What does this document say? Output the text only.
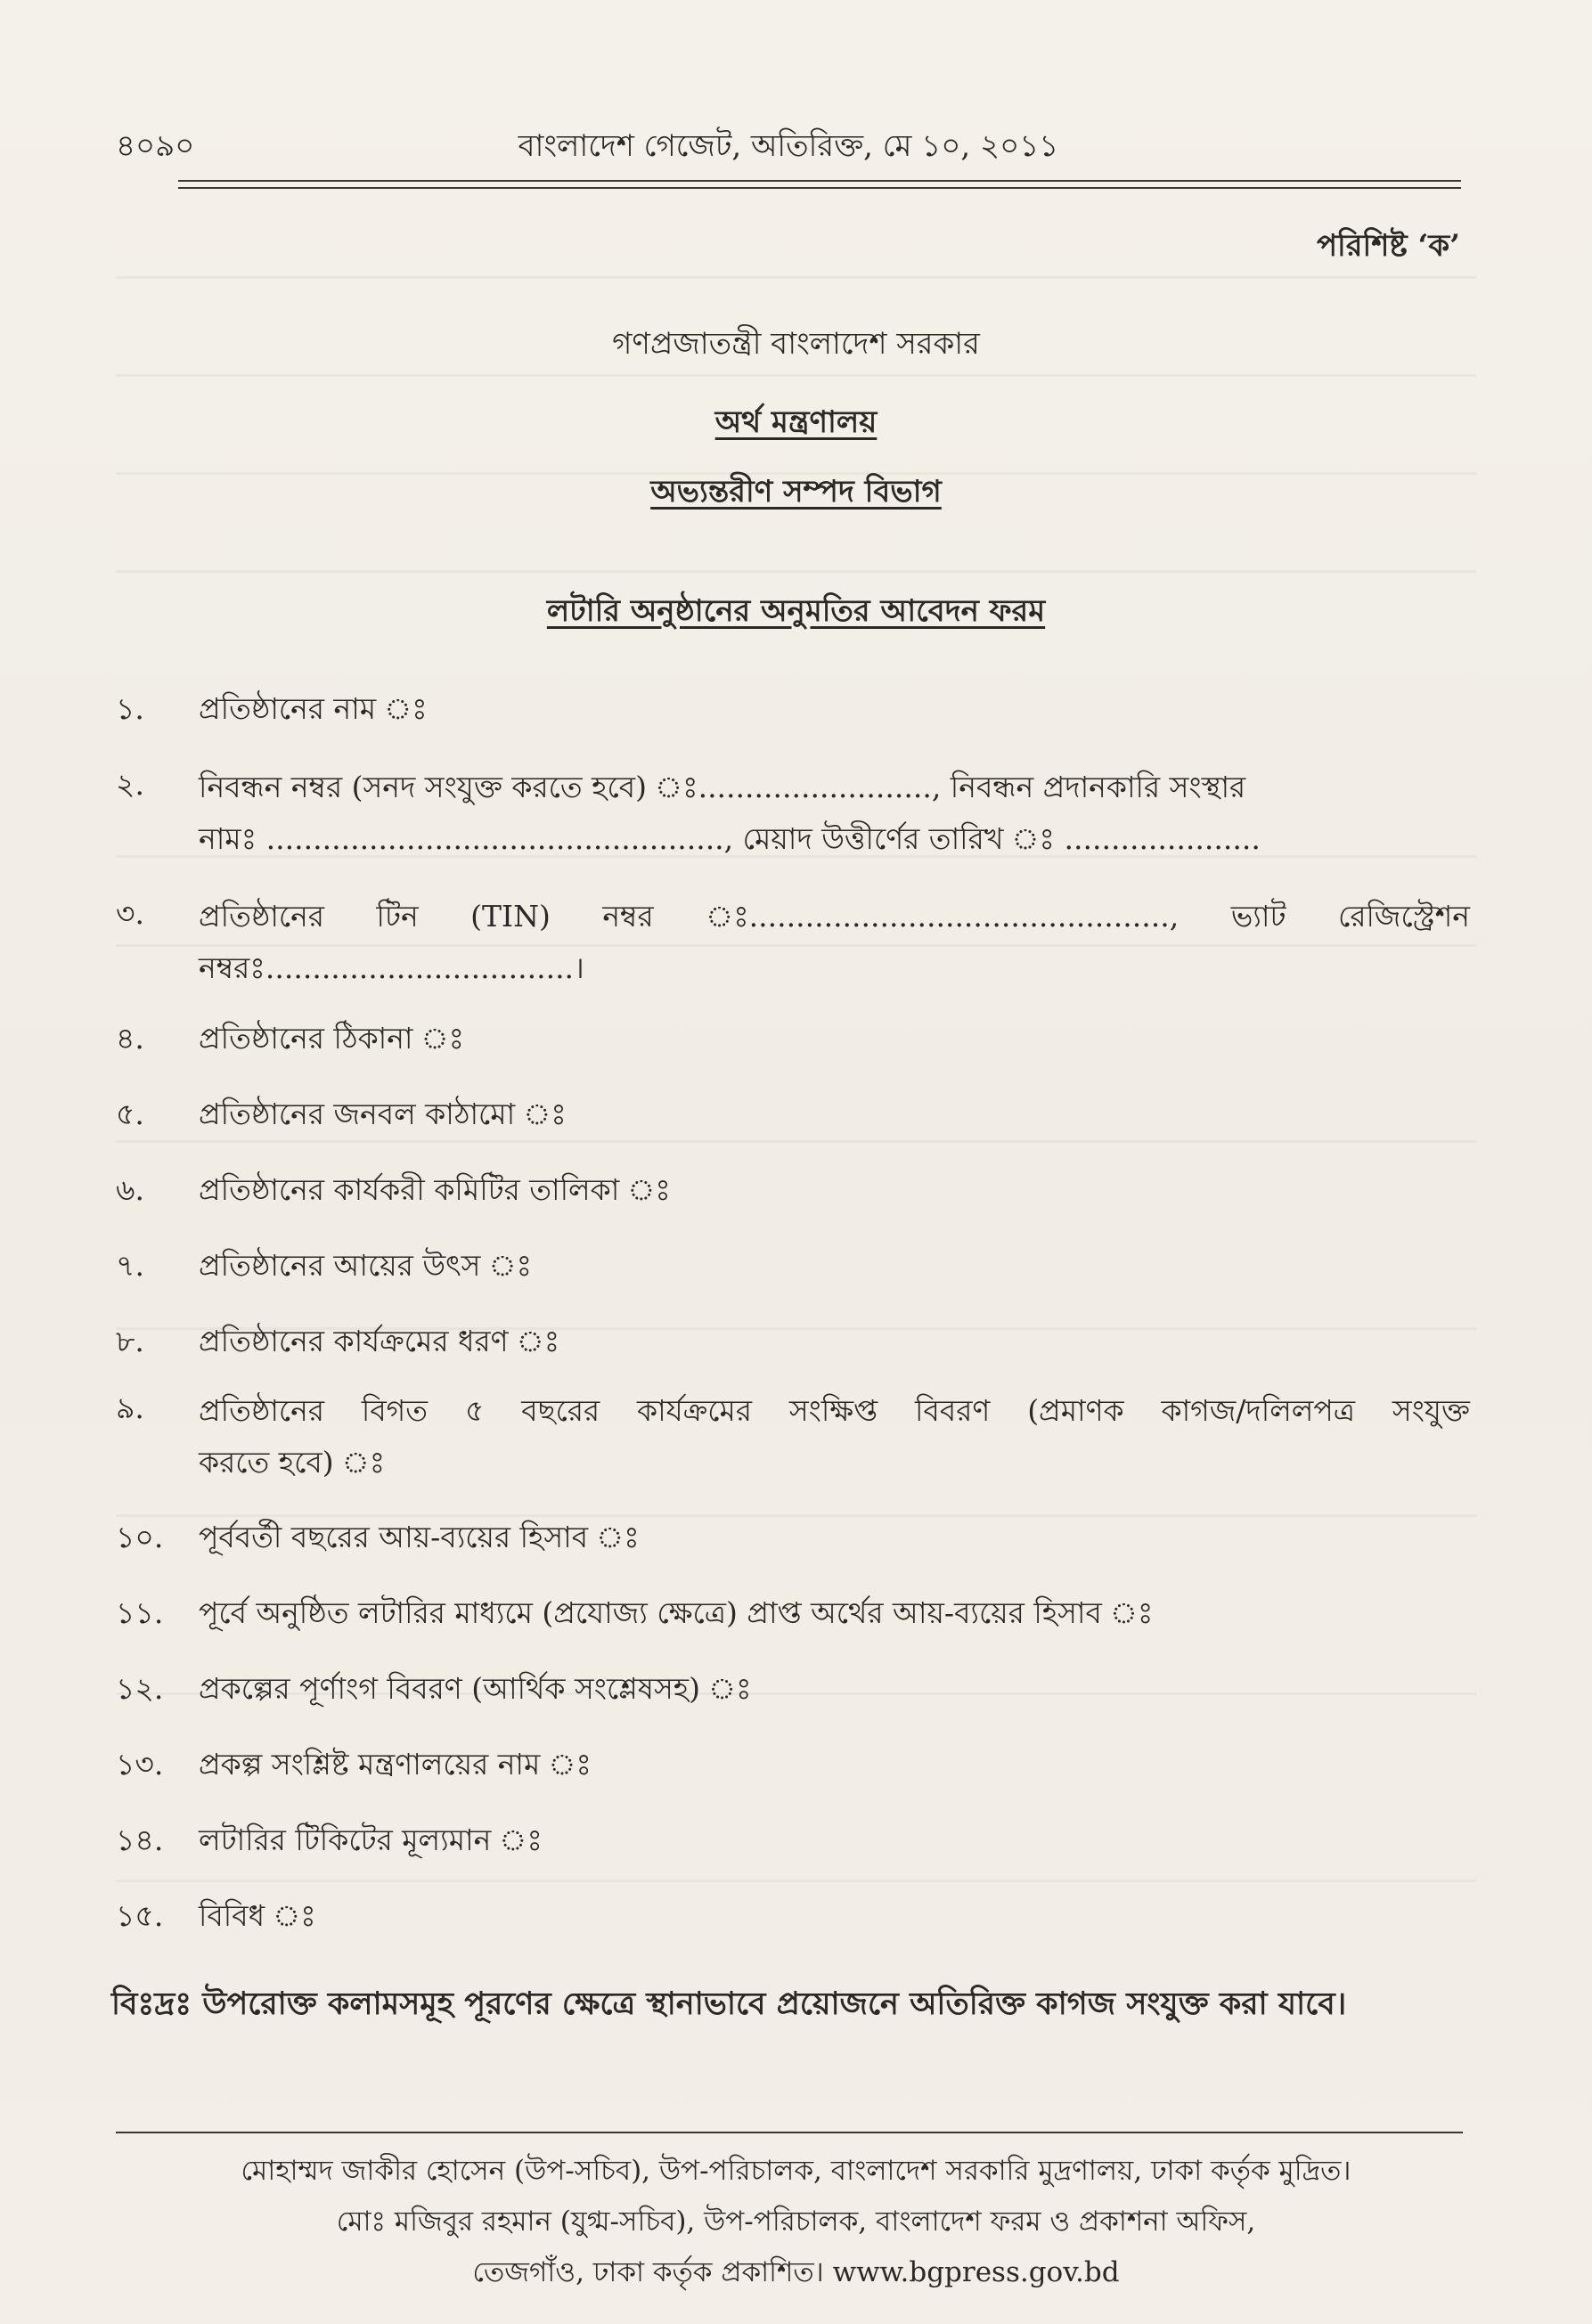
৪০৯০	বাংলাদেশ গেজেট, অতিরিক্ত, মে ১০, ২০১১
পরিশিষ্ট ‘ক’
গণপ্রজাতন্ত্রী বাংলাদেশ সরকার
অর্থ মন্ত্রণালয়
অভ্যন্তরীণ সম্পদ বিভাগ
লটারি অনুষ্ঠানের অনুমতির আবেদন ফরম
১. প্রতিষ্ঠানের নাম ঃ
২. নিবন্ধন নম্বর (সনদ সংযুক্ত করতে হবে) ঃ........................., নিবন্ধন প্রদানকারি সংস্থার
নামঃ ................................................., মেয়াদ উত্তীর্ণের তারিখ ঃ .....................
৩. প্রতিষ্ঠানের টিন (TIN) নম্বর ঃ............................................., ভ্যাট রেজিস্ট্রেশন
নম্বরঃ.................................।
৪. প্রতিষ্ঠানের ঠিকানা ঃ
৫. প্রতিষ্ঠানের জনবল কাঠামো ঃ
৬. প্রতিষ্ঠানের কার্যকরী কমিটির তালিকা ঃ
৭. প্রতিষ্ঠানের আয়ের উৎস ঃ
৮. প্রতিষ্ঠানের কার্যক্রমের ধরণ ঃ
৯. প্রতিষ্ঠানের বিগত ৫ বছরের কার্যক্রমের সংক্ষিপ্ত বিবরণ (প্রমাণক কাগজ/দলিলপত্র সংযুক্ত
করতে হবে) ঃ
১০. পূর্ববর্তী বছরের আয়-ব্যয়ের হিসাব ঃ
১১. পূর্বে অনুষ্ঠিত লটারির মাধ্যমে (প্রযোজ্য ক্ষেত্রে) প্রাপ্ত অর্থের আয়-ব্যয়ের হিসাব ঃ
১২. প্রকল্পের পূর্ণাংগ বিবরণ (আর্থিক সংশ্লেষসহ) ঃ
১৩. প্রকল্প সংশ্লিষ্ট মন্ত্রণালয়ের নাম ঃ
১৪. লটারির টিকিটের মূল্যমান ঃ
১৫. বিবিধ ঃ
বিঃদ্রঃ উপরোক্ত কলামসমূহ পূরণের ক্ষেত্রে স্থানাভাবে প্রয়োজনে অতিরিক্ত কাগজ সংযুক্ত করা যাবে।
মোহাম্মদ জাকীর হোসেন (উপ-সচিব), উপ-পরিচালক, বাংলাদেশ সরকারি মুদ্রণালয়, ঢাকা কর্তৃক মুদ্রিত।
মোঃ মজিবুর রহমান (যুগ্ম-সচিব), উপ-পরিচালক, বাংলাদেশ ফরম ও প্রকাশনা অফিস,
তেজগাঁও, ঢাকা কর্তৃক প্রকাশিত। www.bgpress.gov.bd
